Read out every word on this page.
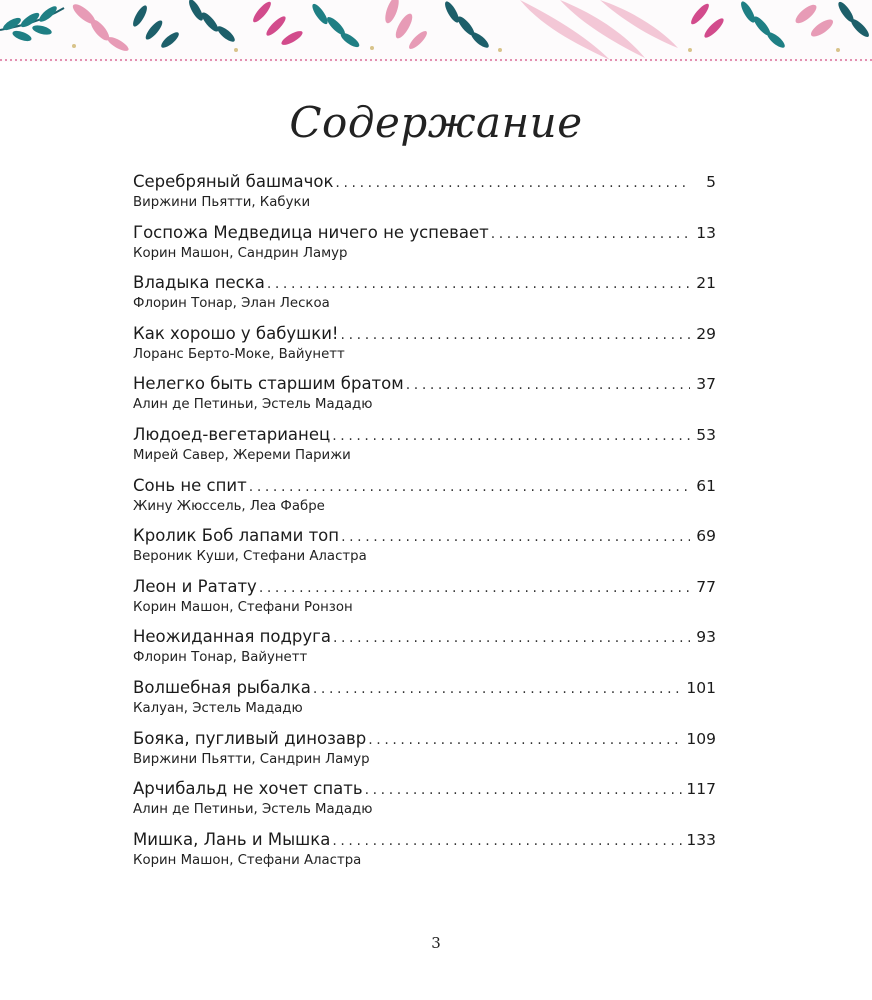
Содержание
Серебряный башмачок .....	5
Виржини Пьятти, Кабуки
Госпожа Медведица ничего не успевает .....	13
Корин Машон, Сандрин Ламур
Владыка песка .....	21
Флорин Тонар, Элан Лескоа
Как хорошо у бабушки! .....	29
Лоранс Берто-Моке, Вайунетт
Нелегко быть старшим братом .....	37
Алин де Петиньи, Эстель Мададю
Людоед-вегетарианец .....	53
Мирей Савер, Жереми Парижи
Сонь не спит .....	61
Жину Жюссель, Леа Фабре
Кролик Боб лапами топ .....	69
Вероник Куши, Стефани Аластра
Леон и Ратату .....	77
Корин Машон, Стефани Ронзон
Неожиданная подруга .....	93
Флорин Тонар, Вайунетт
Волшебная рыбалка .....	101
Калуан, Эстель Мададю
Бояка, пугливый динозавр .....	109
Виржини Пьятти, Сандрин Ламур
Арчибальд не хочет спать .....	117
Алин де Петиньи, Эстель Мададю
Мишка, Лань и Мышка .....	133
Корин Машон, Стефани Аластра
3
